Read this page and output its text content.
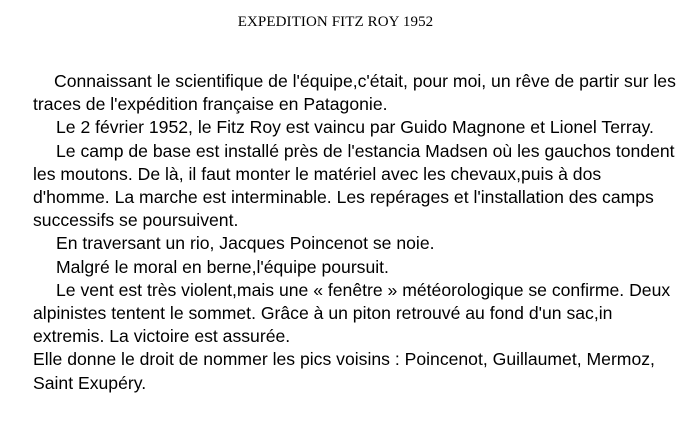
EXPEDITION FITZ ROY 1952

Connaissant le scientifique de l'équipe,c'était, pour moi, un rêve de partir sur les traces de l'expédition française en Patagonie.

Le 2 février 1952, le Fitz Roy est vaincu par Guido Magnone et Lionel Terray.

Le camp de base est installé près de l'estancia Madsen où les gauchos tondent les moutons. De là, il faut monter le matériel avec les chevaux,puis à dos d'homme. La marche est interminable. Les repérages et l'installation des camps successifs se poursuivent.

En traversant un rio, Jacques Poincenot se noie.

Malgré le moral en berne,l'équipe poursuit.

Le vent est très violent,mais une « fenêtre » météorologique se confirme. Deux alpinistes tentent le sommet. Grâce à un piton retrouvé au fond d'un sac,in extremis. La victoire est assurée.

Elle donne le droit de nommer les pics voisins : Poincenot, Guillaumet, Mermoz, Saint Exupéry.
